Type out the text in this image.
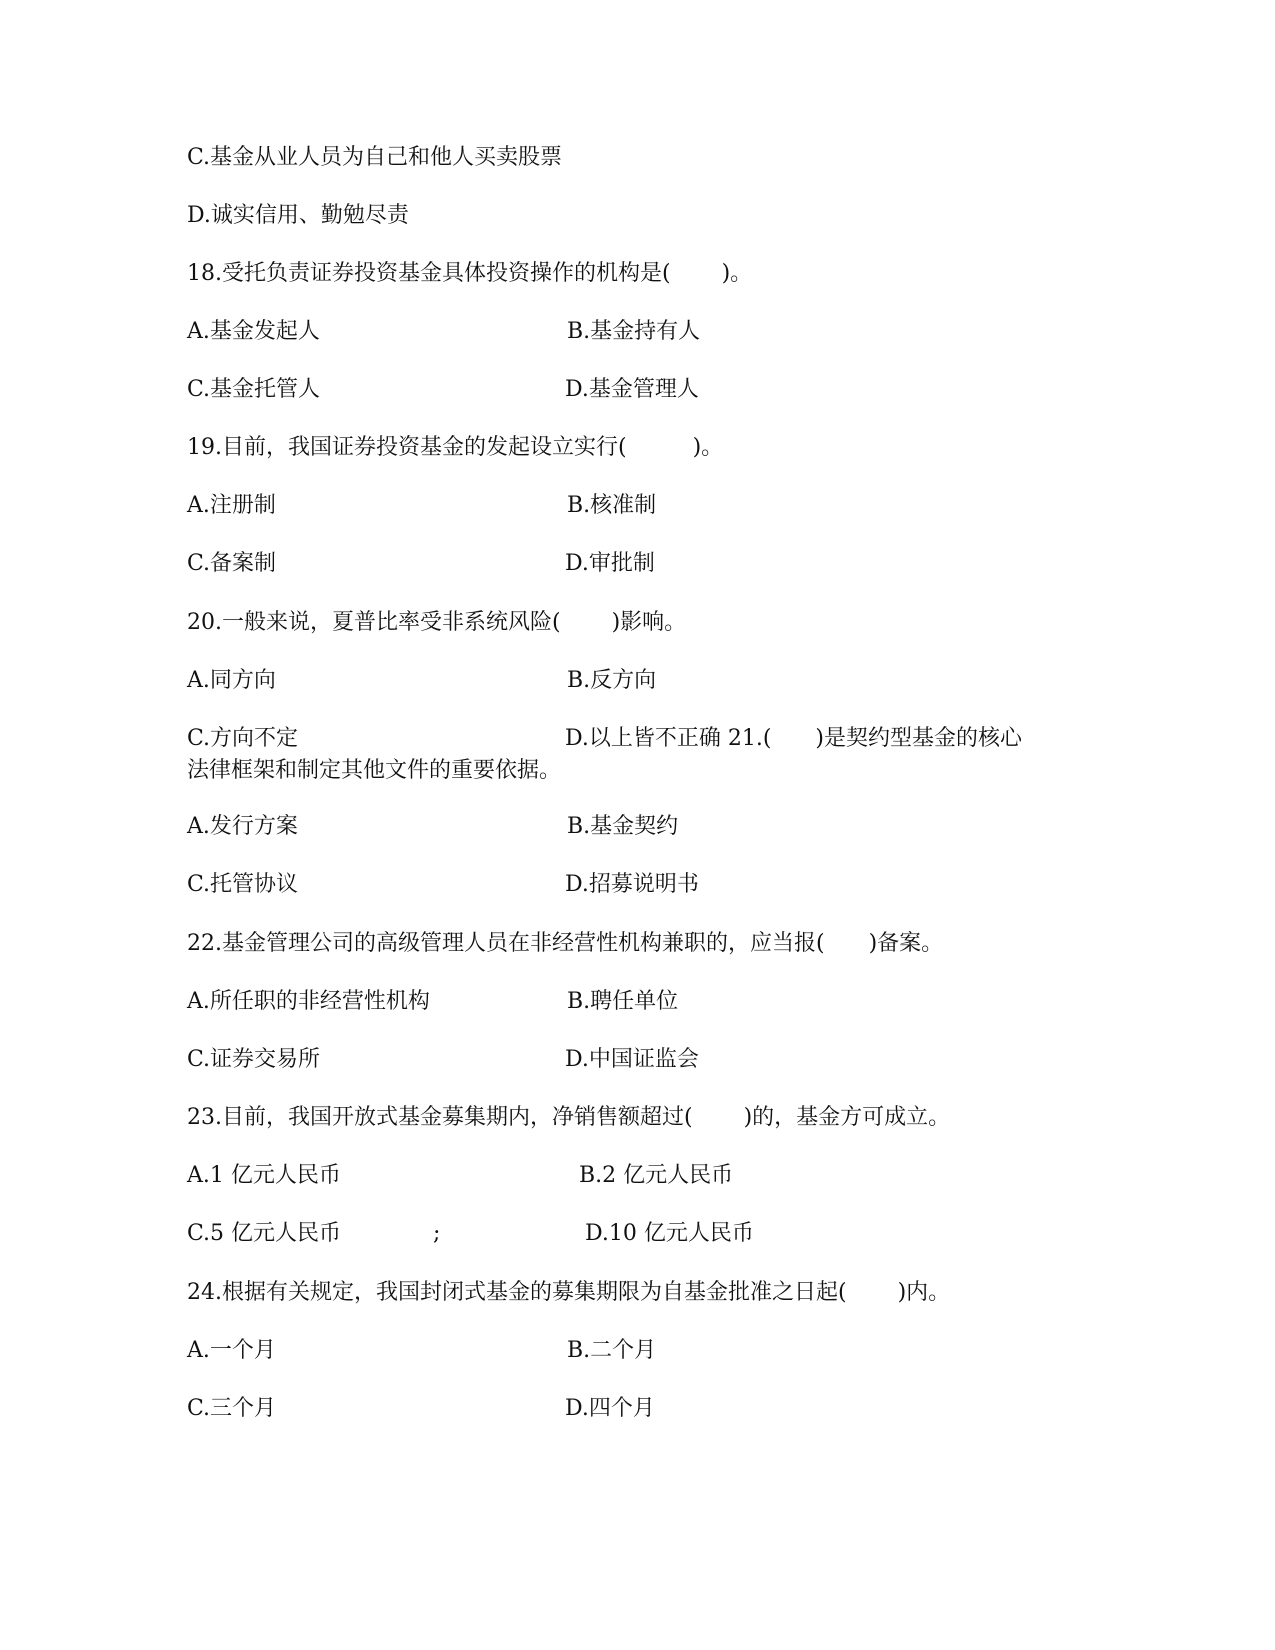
C.基金从业人员为自己和他人买卖股票
D.诚实信用、勤勉尽责
18.受托负责证券投资基金具体投资操作的机构是(　　 )。
A.基金发起人	B.基金持有人
C.基金托管人	D.基金管理人
19.目前，我国证券投资基金的发起设立实行(　　　)。
A.注册制	B.核准制
C.备案制	D.审批制
20.一般来说，夏普比率受非系统风险(　　 )影响。
A.同方向	B.反方向
C.方向不定	D.以上皆不正确 21.(　　)是契约型基金的核心
法律框架和制定其他文件的重要依据。
A.发行方案	B.基金契约
C.托管协议	D.招募说明书
22.基金管理公司的高级管理人员在非经营性机构兼职的，应当报(　　)备案。
A.所任职的非经营性机构	B.聘任单位
C.证券交易所	D.中国证监会
23.目前，我国开放式基金募集期内，净销售额超过(　　 )的，基金方可成立。
A.1 亿元人民币	B.2 亿元人民币
C.5 亿元人民币	;	D.10 亿元人民币
24.根据有关规定，我国封闭式基金的募集期限为自基金批准之日起(　　 )内。
A.一个月	B.二个月
C.三个月	D.四个月
